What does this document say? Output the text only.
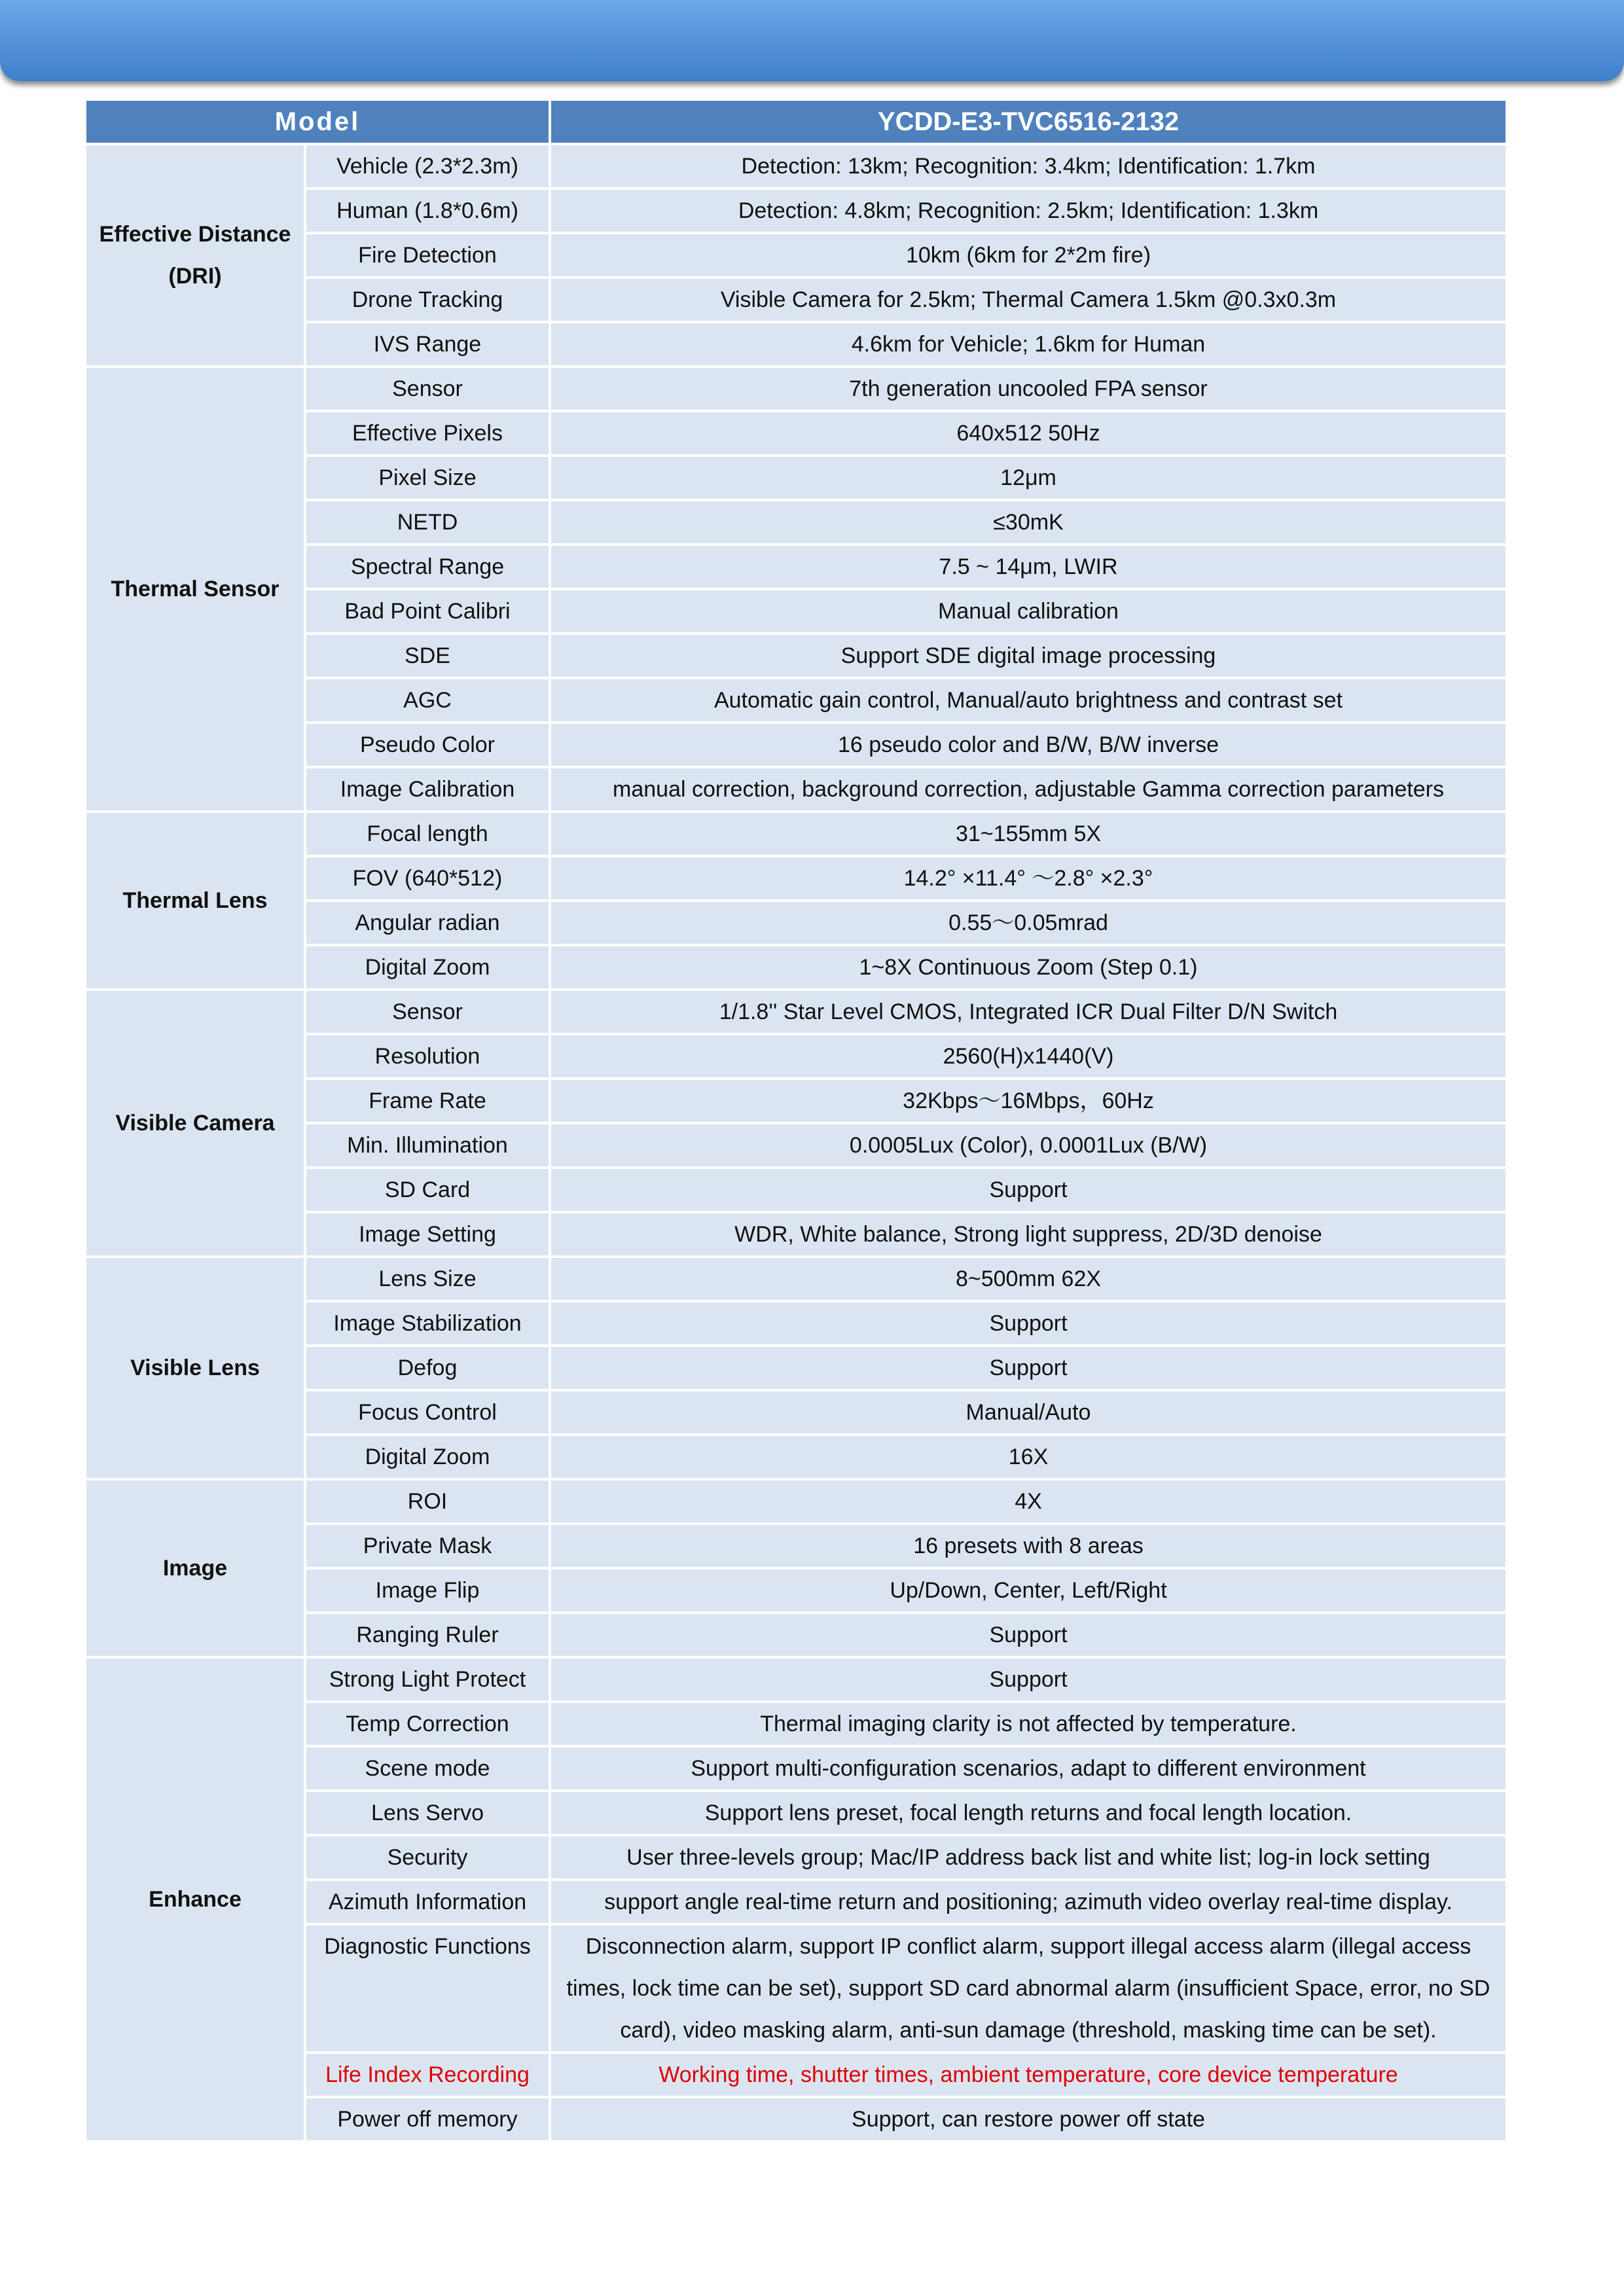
Model		YCDD-E3-TVC6516-2132
Effective Distance
(DRI)	Vehicle (2.3*2.3m)	Detection: 13km; Recognition: 3.4km; Identification: 1.7km
	Human (1.8*0.6m)	Detection: 4.8km; Recognition: 2.5km; Identification: 1.3km
	Fire Detection	10km (6km for 2*2m fire)
	Drone Tracking	Visible Camera for 2.5km; Thermal Camera 1.5km @0.3x0.3m
	IVS Range	4.6km for Vehicle; 1.6km for Human
Thermal Sensor	Sensor	7th generation uncooled FPA sensor
	Effective Pixels	640x512 50Hz
	Pixel Size	12μm
	NETD	≤30mK
	Spectral Range	7.5 ~ 14μm, LWIR
	Bad Point Calibri	Manual calibration
	SDE	Support SDE digital image processing
	AGC	Automatic gain control, Manual/auto brightness and contrast set
	Pseudo Color	16 pseudo color and B/W, B/W inverse
	Image Calibration	manual correction, background correction, adjustable Gamma correction parameters
Thermal Lens	Focal length	31~155mm 5X
	FOV (640*512)	14.2° ×11.4° ～2.8° ×2.3°
	Angular radian	0.55～0.05mrad
	Digital Zoom	1~8X Continuous Zoom (Step 0.1)
Visible Camera	Sensor	1/1.8'' Star Level CMOS, Integrated ICR Dual Filter D/N Switch
	Resolution	2560(H)x1440(V)
	Frame Rate	32Kbps～16Mbps，60Hz
	Min. Illumination	0.0005Lux (Color), 0.0001Lux (B/W)
	SD Card	Support
	Image Setting	WDR, White balance, Strong light suppress, 2D/3D denoise
Visible Lens	Lens Size	8~500mm 62X
	Image Stabilization	Support
	Defog	Support
	Focus Control	Manual/Auto
	Digital Zoom	16X
Image	ROI	4X
	Private Mask	16 presets with 8 areas
	Image Flip	Up/Down, Center, Left/Right
	Ranging Ruler	Support
Enhance	Strong Light Protect	Support
	Temp Correction	Thermal imaging clarity is not affected by temperature.
	Scene mode	Support multi-configuration scenarios, adapt to different environment
	Lens Servo	Support lens preset, focal length returns and focal length location.
	Security	User three-levels group; Mac/IP address back list and white list; log-in lock setting
	Azimuth Information	support angle real-time return and positioning; azimuth video overlay real-time display.
	Diagnostic Functions	Disconnection alarm, support IP conflict alarm, support illegal access alarm (illegal access times, lock time can be set), support SD card abnormal alarm (insufficient Space, error, no SD card), video masking alarm, anti-sun damage (threshold, masking time can be set).
	Life Index Recording	Working time, shutter times, ambient temperature, core device temperature
	Power off memory	Support, can restore power off state
